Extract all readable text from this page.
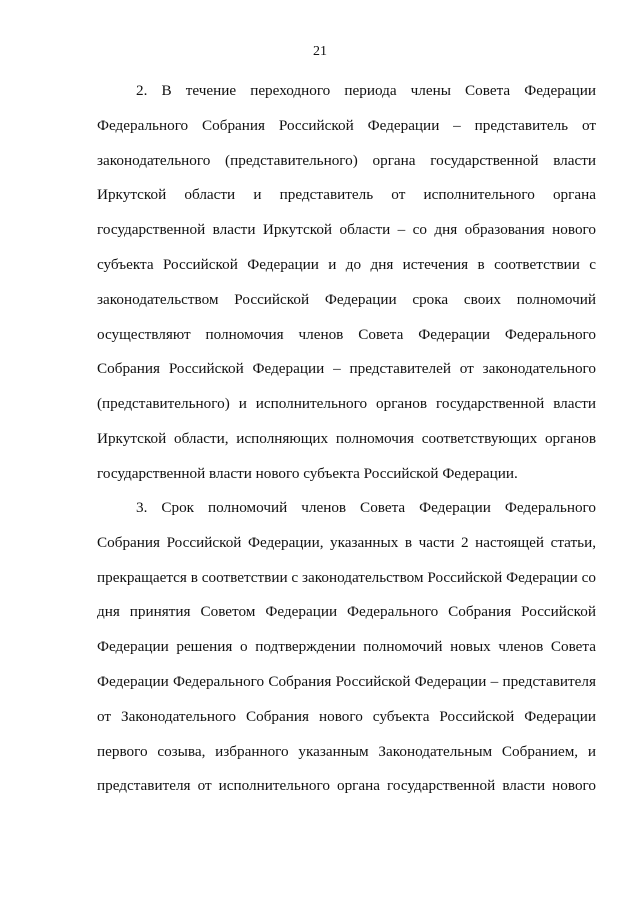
21
2. В течение переходного периода члены Совета Федерации
Федерального Собрания Российской Федерации – представитель от
законодательного (представительного) органа государственной власти
Иркутской области и представитель от исполнительного органа
государственной власти Иркутской области – со дня образования нового
субъекта Российской Федерации и до дня истечения в соответствии с
законодательством Российской Федерации срока своих полномочий
осуществляют полномочия членов Совета Федерации Федерального
Собрания Российской Федерации – представителей от законодательного
(представительного) и исполнительного органов государственной власти
Иркутской области, исполняющих полномочия соответствующих органов
государственной власти нового субъекта Российской Федерации.
3. Срок полномочий членов Совета Федерации Федерального
Собрания Российской Федерации, указанных в части 2 настоящей статьи,
прекращается в соответствии с законодательством Российской Федерации со
дня принятия Советом Федерации Федерального Собрания Российской
Федерации решения о подтверждении полномочий новых членов Совета
Федерации Федерального Собрания Российской Федерации – представителя
от Законодательного Собрания нового субъекта Российской Федерации
первого созыва, избранного указанным Законодательным Собранием, и
представителя от исполнительного органа государственной власти нового
